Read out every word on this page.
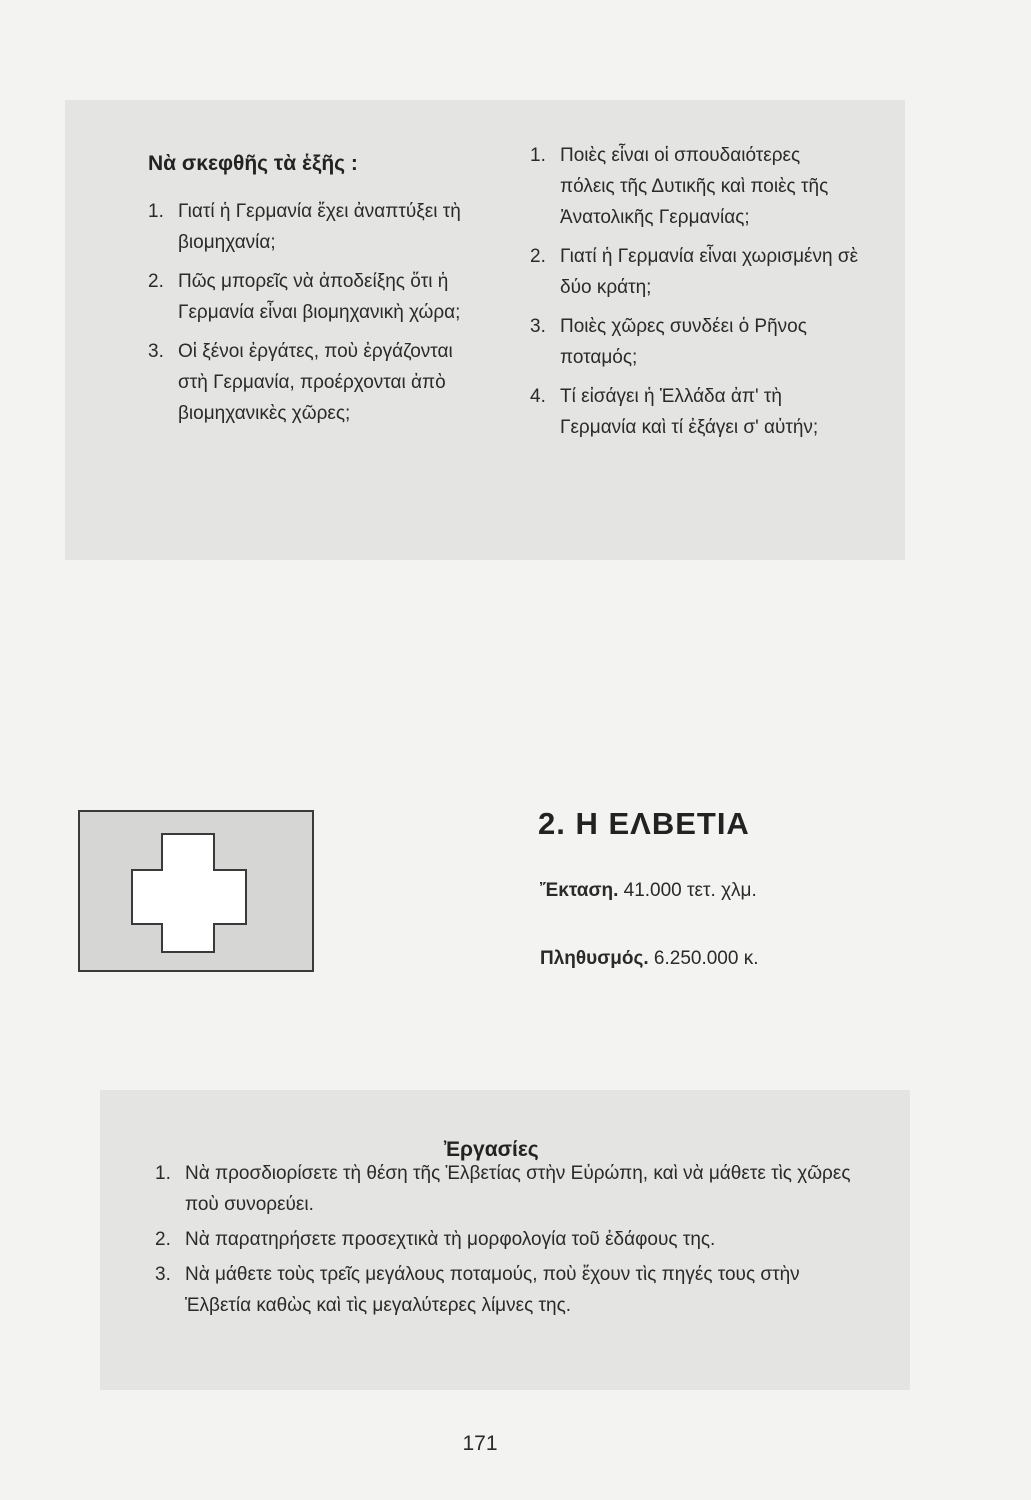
Νὰ σκεφθῆς τὰ ἑξῆς :
1. Γιατί ἡ Γερμανία ἔχει ἀναπτύξει τὴ βιομηχανία;
2. Πῶς μπορεῖς νὰ ἀποδείξης ὅτι ἡ Γερμανία εἶναι βιομηχανικὴ χώρα;
3. Οἱ ξένοι ἐργάτες, ποὺ ἐργάζονται στὴ Γερμανία, προέρχονται ἀπὸ βιομηχανικὲς χῶρες;
1. Ποιὲς εἶναι οἱ σπουδαιότερες πόλεις τῆς Δυτικῆς καὶ ποιὲς τῆς Ἀνατολικῆς Γερμανίας;
2. Γιατί ἡ Γερμανία εἶναι χωρισμένη σὲ δύο κράτη;
3. Ποιὲς χῶρες συνδέει ὁ Ρῆνος ποταμός;
4. Τί εἰσάγει ἡ Ἑλλάδα ἀπ' τὴ Γερμανία καὶ τί ἐξάγει σ' αὐτήν;
2. Η ΕΛΒΕΤΙΑ
Ἔκταση. 41.000 τετ. χλμ.
Πληθυσμός. 6.250.000 κ.
Ἐργασίες
1. Νὰ προσδιορίσετε τὴ θέση τῆς Ἑλβετίας στὴν Εὐρώπη, καὶ νὰ μάθετε τὶς χῶρες ποὺ συνορεύει.
2. Νὰ παρατηρήσετε προσεχτικὰ τὴ μορφολογία τοῦ ἐδάφους της.
3. Νὰ μάθετε τοὺς τρεῖς μεγάλους ποταμούς, ποὺ ἔχουν τὶς πηγές τους στὴν Ἑλβετία καθὼς καὶ τὶς μεγαλύτερες λίμνες της.
171
